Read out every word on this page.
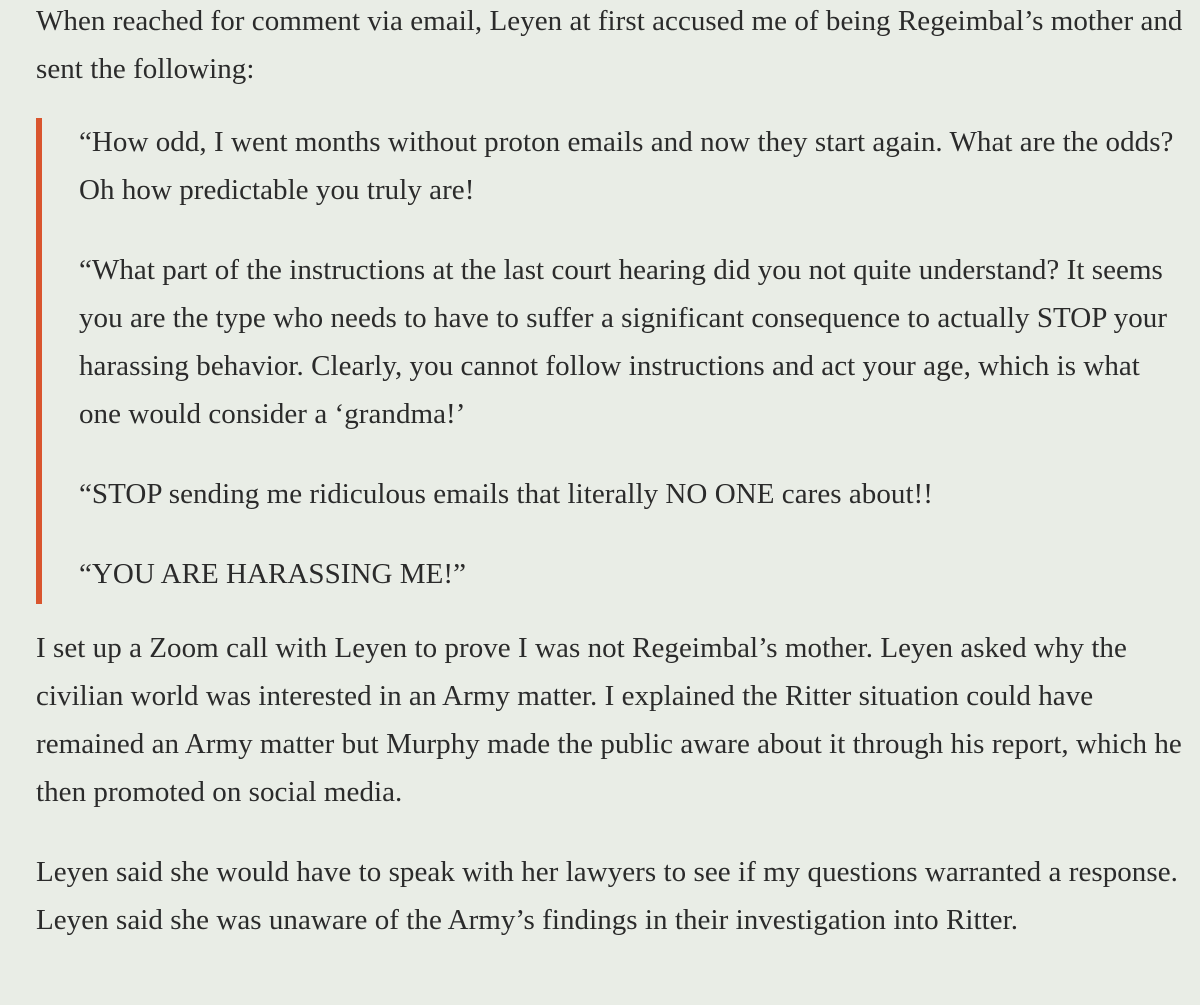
When reached for comment via email, Leyen at first accused me of being Regeimbal’s mother and sent the following:

“How odd, I went months without proton emails and now they start again. What are the odds? Oh how predictable you truly are!

“What part of the instructions at the last court hearing did you not quite understand? It seems you are the type who needs to have to suffer a significant consequence to actually STOP your harassing behavior. Clearly, you cannot follow instructions and act your age, which is what one would consider a ‘grandma!’

“STOP sending me ridiculous emails that literally NO ONE cares about!!

“YOU ARE HARASSING ME!”

I set up a Zoom call with Leyen to prove I was not Regeimbal’s mother. Leyen asked why the civilian world was interested in an Army matter. I explained the Ritter situation could have remained an Army matter but Murphy made the public aware about it through his report, which he then promoted on social media.

Leyen said she would have to speak with her lawyers to see if my questions warranted a response. Leyen said she was unaware of the Army’s findings in their investigation into Ritter.
